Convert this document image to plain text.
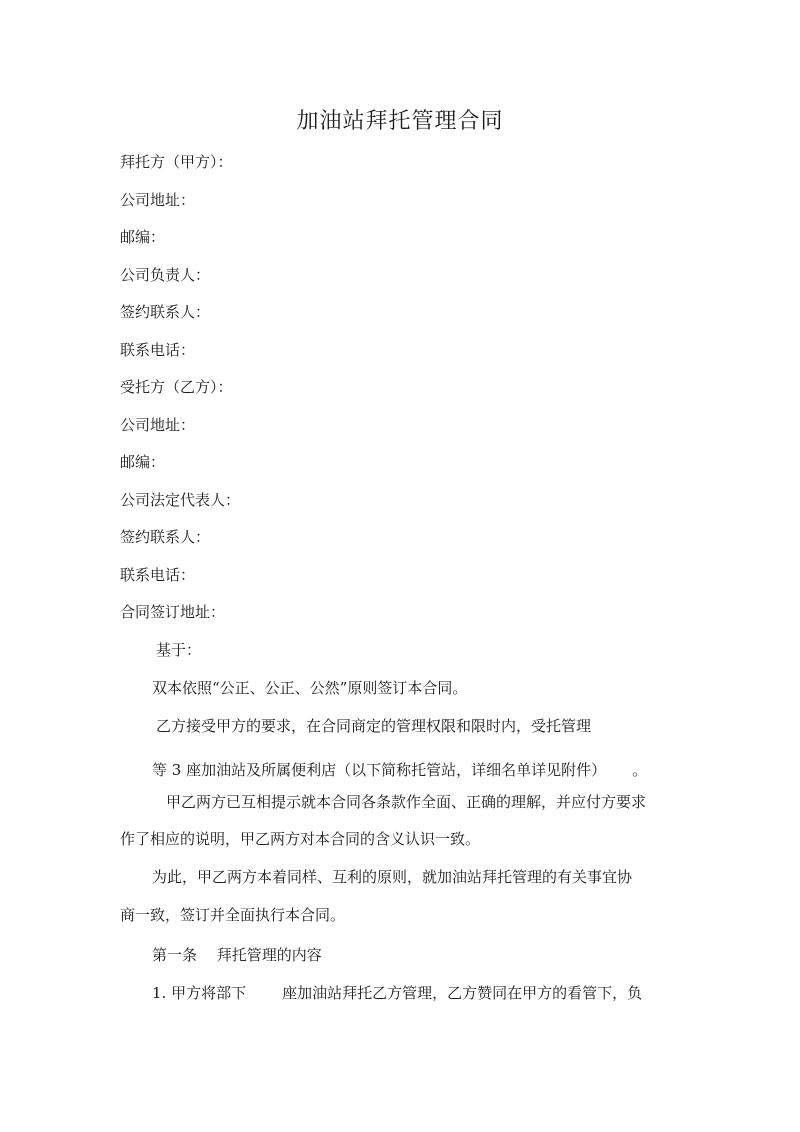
加油站拜托管理合同
拜托方（甲方）：
公司地址：
邮编：
公司负责人：
签约联系人：
联系电话：
受托方（乙方）：
公司地址：
邮编：
公司法定代表人：
签约联系人：
联系电话：
合同签订地址：
基于：
双本依照“公正、公正、公然”原则签订本合同。
乙方接受甲方的要求，在合同商定的管理权限和限时内，受托管理
等 3 座加油站及所属便利店（以下简称托管站，详细名单详见附件） 。
甲乙两方已互相提示就本合同各条款作全面、正确的理解，并应付方要求
作了相应的说明，甲乙两方对本合同的含义认识一致。
为此，甲乙两方本着同样、互利的原则，就加油站拜托管理的有关事宜协
商一致，签订并全面执行本合同。
第一条　 拜托管理的内容
1. 甲方将部下 座加油站拜托乙方管理，乙方赞同在甲方的看管下，负
